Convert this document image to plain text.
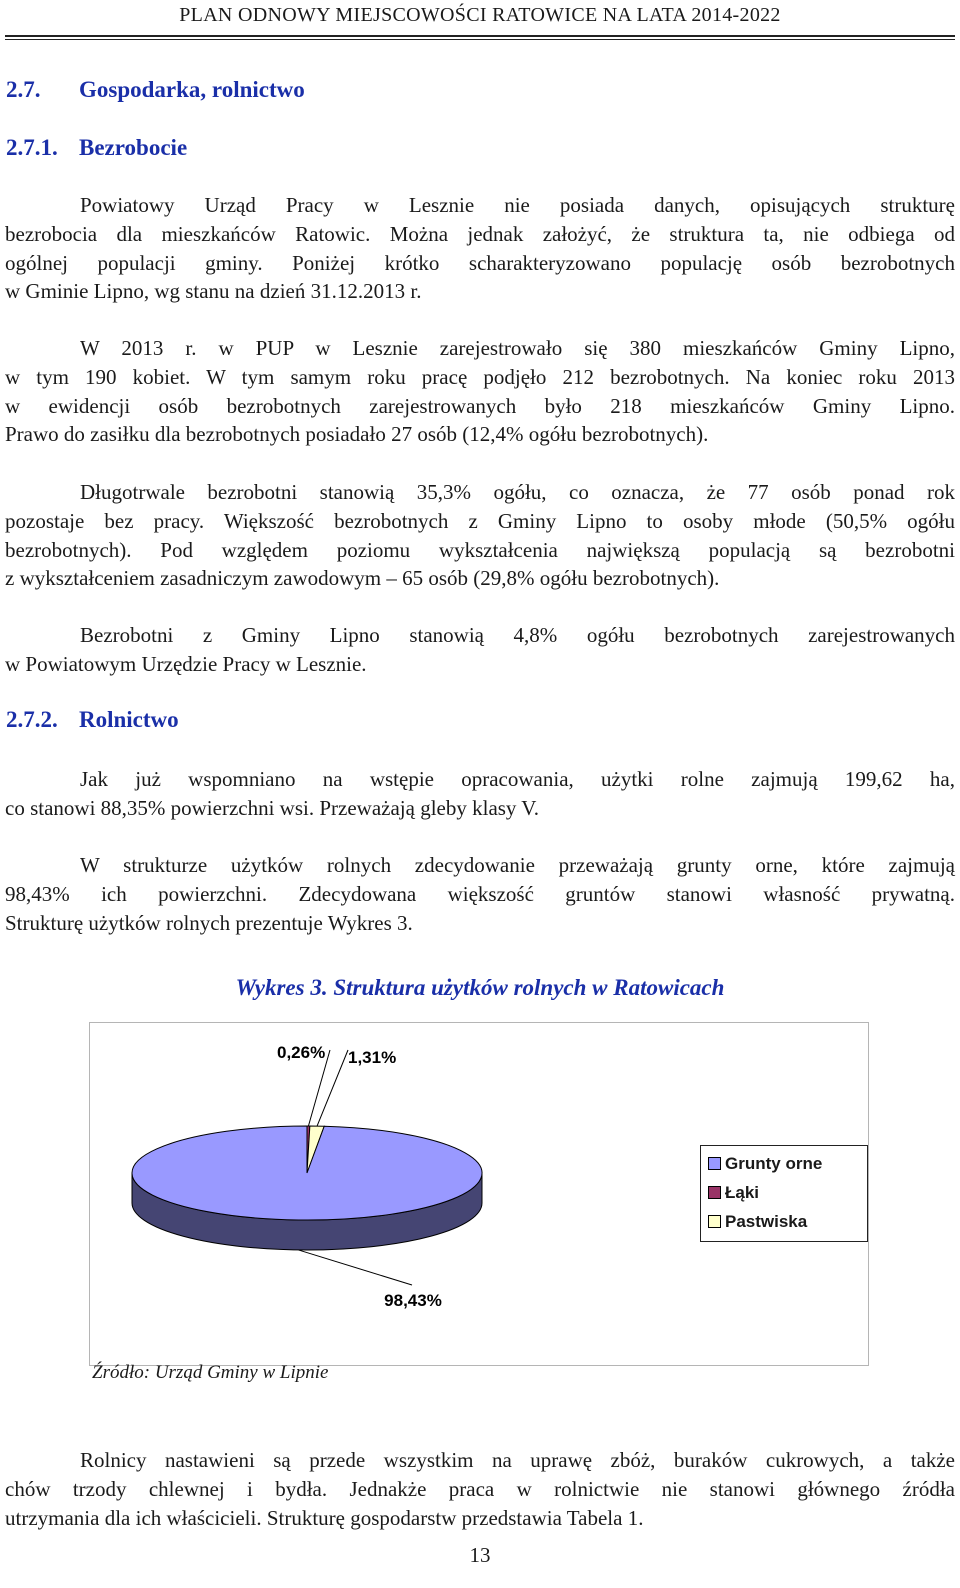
PLAN ODNOWY MIEJSCOWOŚCI RATOWICE NA LATA 2014-2022
2.7. Gospodarka, rolnictwo
2.7.1. Bezrobocie
Powiatowy Urząd Pracy w Lesznie nie posiada danych, opisujących strukturę
bezrobocia dla mieszkańców Ratowic. Można jednak założyć, że struktura ta, nie odbiega od
ogólnej populacji gminy. Poniżej krótko scharakteryzowano populację osób bezrobotnych
w Gminie Lipno, wg stanu na dzień 31.12.2013 r.
W 2013 r. w PUP w Lesznie zarejestrowało się 380 mieszkańców Gminy Lipno,
w tym 190 kobiet. W tym samym roku pracę podjęło 212 bezrobotnych. Na koniec roku 2013
w ewidencji osób bezrobotnych zarejestrowanych było 218 mieszkańców Gminy Lipno.
Prawo do zasiłku dla bezrobotnych posiadało 27 osób (12,4% ogółu bezrobotnych).
Długotrwale bezrobotni stanowią 35,3% ogółu, co oznacza, że 77 osób ponad rok
pozostaje bez pracy. Większość bezrobotnych z Gminy Lipno to osoby młode (50,5% ogółu
bezrobotnych). Pod względem poziomu wykształcenia największą populacją są bezrobotni
z wykształceniem zasadniczym zawodowym – 65 osób (29,8% ogółu bezrobotnych).
Bezrobotni z Gminy Lipno stanowią 4,8% ogółu bezrobotnych zarejestrowanych
w Powiatowym Urzędzie Pracy w Lesznie.
2.7.2. Rolnictwo
Jak już wspomniano na wstępie opracowania, użytki rolne zajmują 199,62 ha,
co stanowi 88,35% powierzchni wsi. Przeważają gleby klasy V.
W strukturze użytków rolnych zdecydowanie przeważają grunty orne, które zajmują
98,43% ich powierzchni. Zdecydowana większość gruntów stanowi własność prywatną.
Strukturę użytków rolnych prezentuje Wykres 3.
Wykres 3. Struktura użytków rolnych w Ratowicach
98,43%
0,26% 1,31%
Grunty orne
Łąki
Pastwiska
Źródło: Urząd Gminy w Lipnie
Rolnicy nastawieni są przede wszystkim na uprawę zbóż, buraków cukrowych, a także
chów trzody chlewnej i bydła. Jednakże praca w rolnictwie nie stanowi głównego źródła
utrzymania dla ich właścicieli. Strukturę gospodarstw przedstawia Tabela 1.
13
